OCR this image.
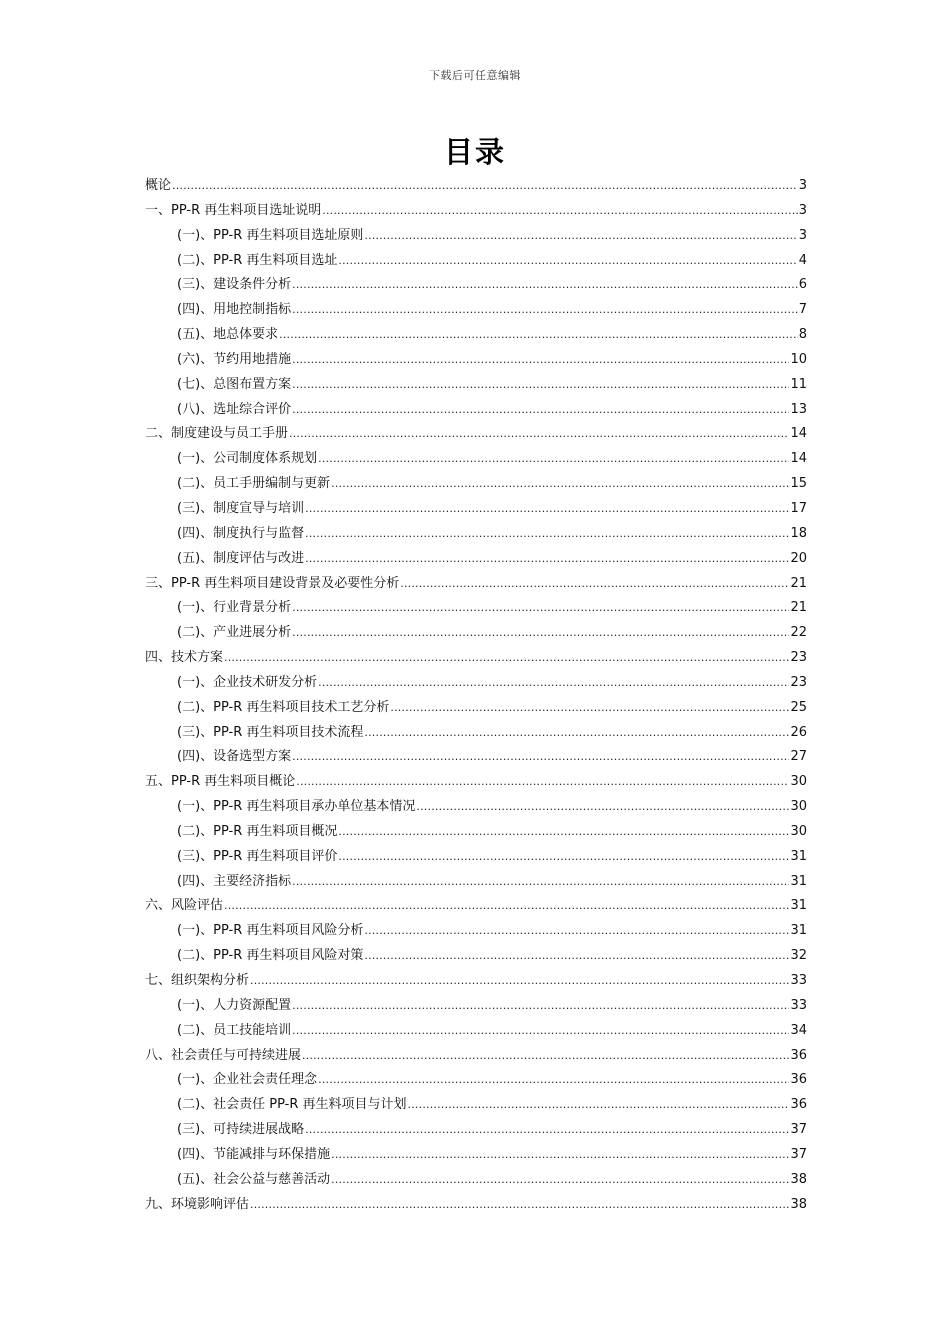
下载后可任意编辑
目录
概论 .....	3
一、PP-R 再生料项目选址说明 .....	3
(一)、PP-R 再生料项目选址原则 .....	3
(二)、PP-R 再生料项目选址 .....	4
(三)、建设条件分析 .....	6
(四)、用地控制指标 .....	7
(五)、地总体要求 .....	8
(六)、节约用地措施 .....	10
(七)、总图布置方案 .....	11
(八)、选址综合评价 .....	13
二、制度建设与员工手册 .....	14
(一)、公司制度体系规划 .....	14
(二)、员工手册编制与更新 .....	15
(三)、制度宣导与培训 .....	17
(四)、制度执行与监督 .....	18
(五)、制度评估与改进 .....	20
三、PP-R 再生料项目建设背景及必要性分析 .....	21
(一)、行业背景分析 .....	21
(二)、产业进展分析 .....	22
四、技术方案 .....	23
(一)、企业技术研发分析 .....	23
(二)、PP-R 再生料项目技术工艺分析 .....	25
(三)、PP-R 再生料项目技术流程 .....	26
(四)、设备选型方案 .....	27
五、PP-R 再生料项目概论 .....	30
(一)、PP-R 再生料项目承办单位基本情况 .....	30
(二)、PP-R 再生料项目概况 .....	30
(三)、PP-R 再生料项目评价 .....	31
(四)、主要经济指标 .....	31
六、风险评估 .....	31
(一)、PP-R 再生料项目风险分析 .....	31
(二)、PP-R 再生料项目风险对策 .....	32
七、组织架构分析 .....	33
(一)、人力资源配置 .....	33
(二)、员工技能培训 .....	34
八、社会责任与可持续进展 .....	36
(一)、企业社会责任理念 .....	36
(二)、社会责任 PP-R 再生料项目与计划 .....	36
(三)、可持续进展战略 .....	37
(四)、节能减排与环保措施 .....	37
(五)、社会公益与慈善活动 .....	38
九、环境影响评估 .....	38
